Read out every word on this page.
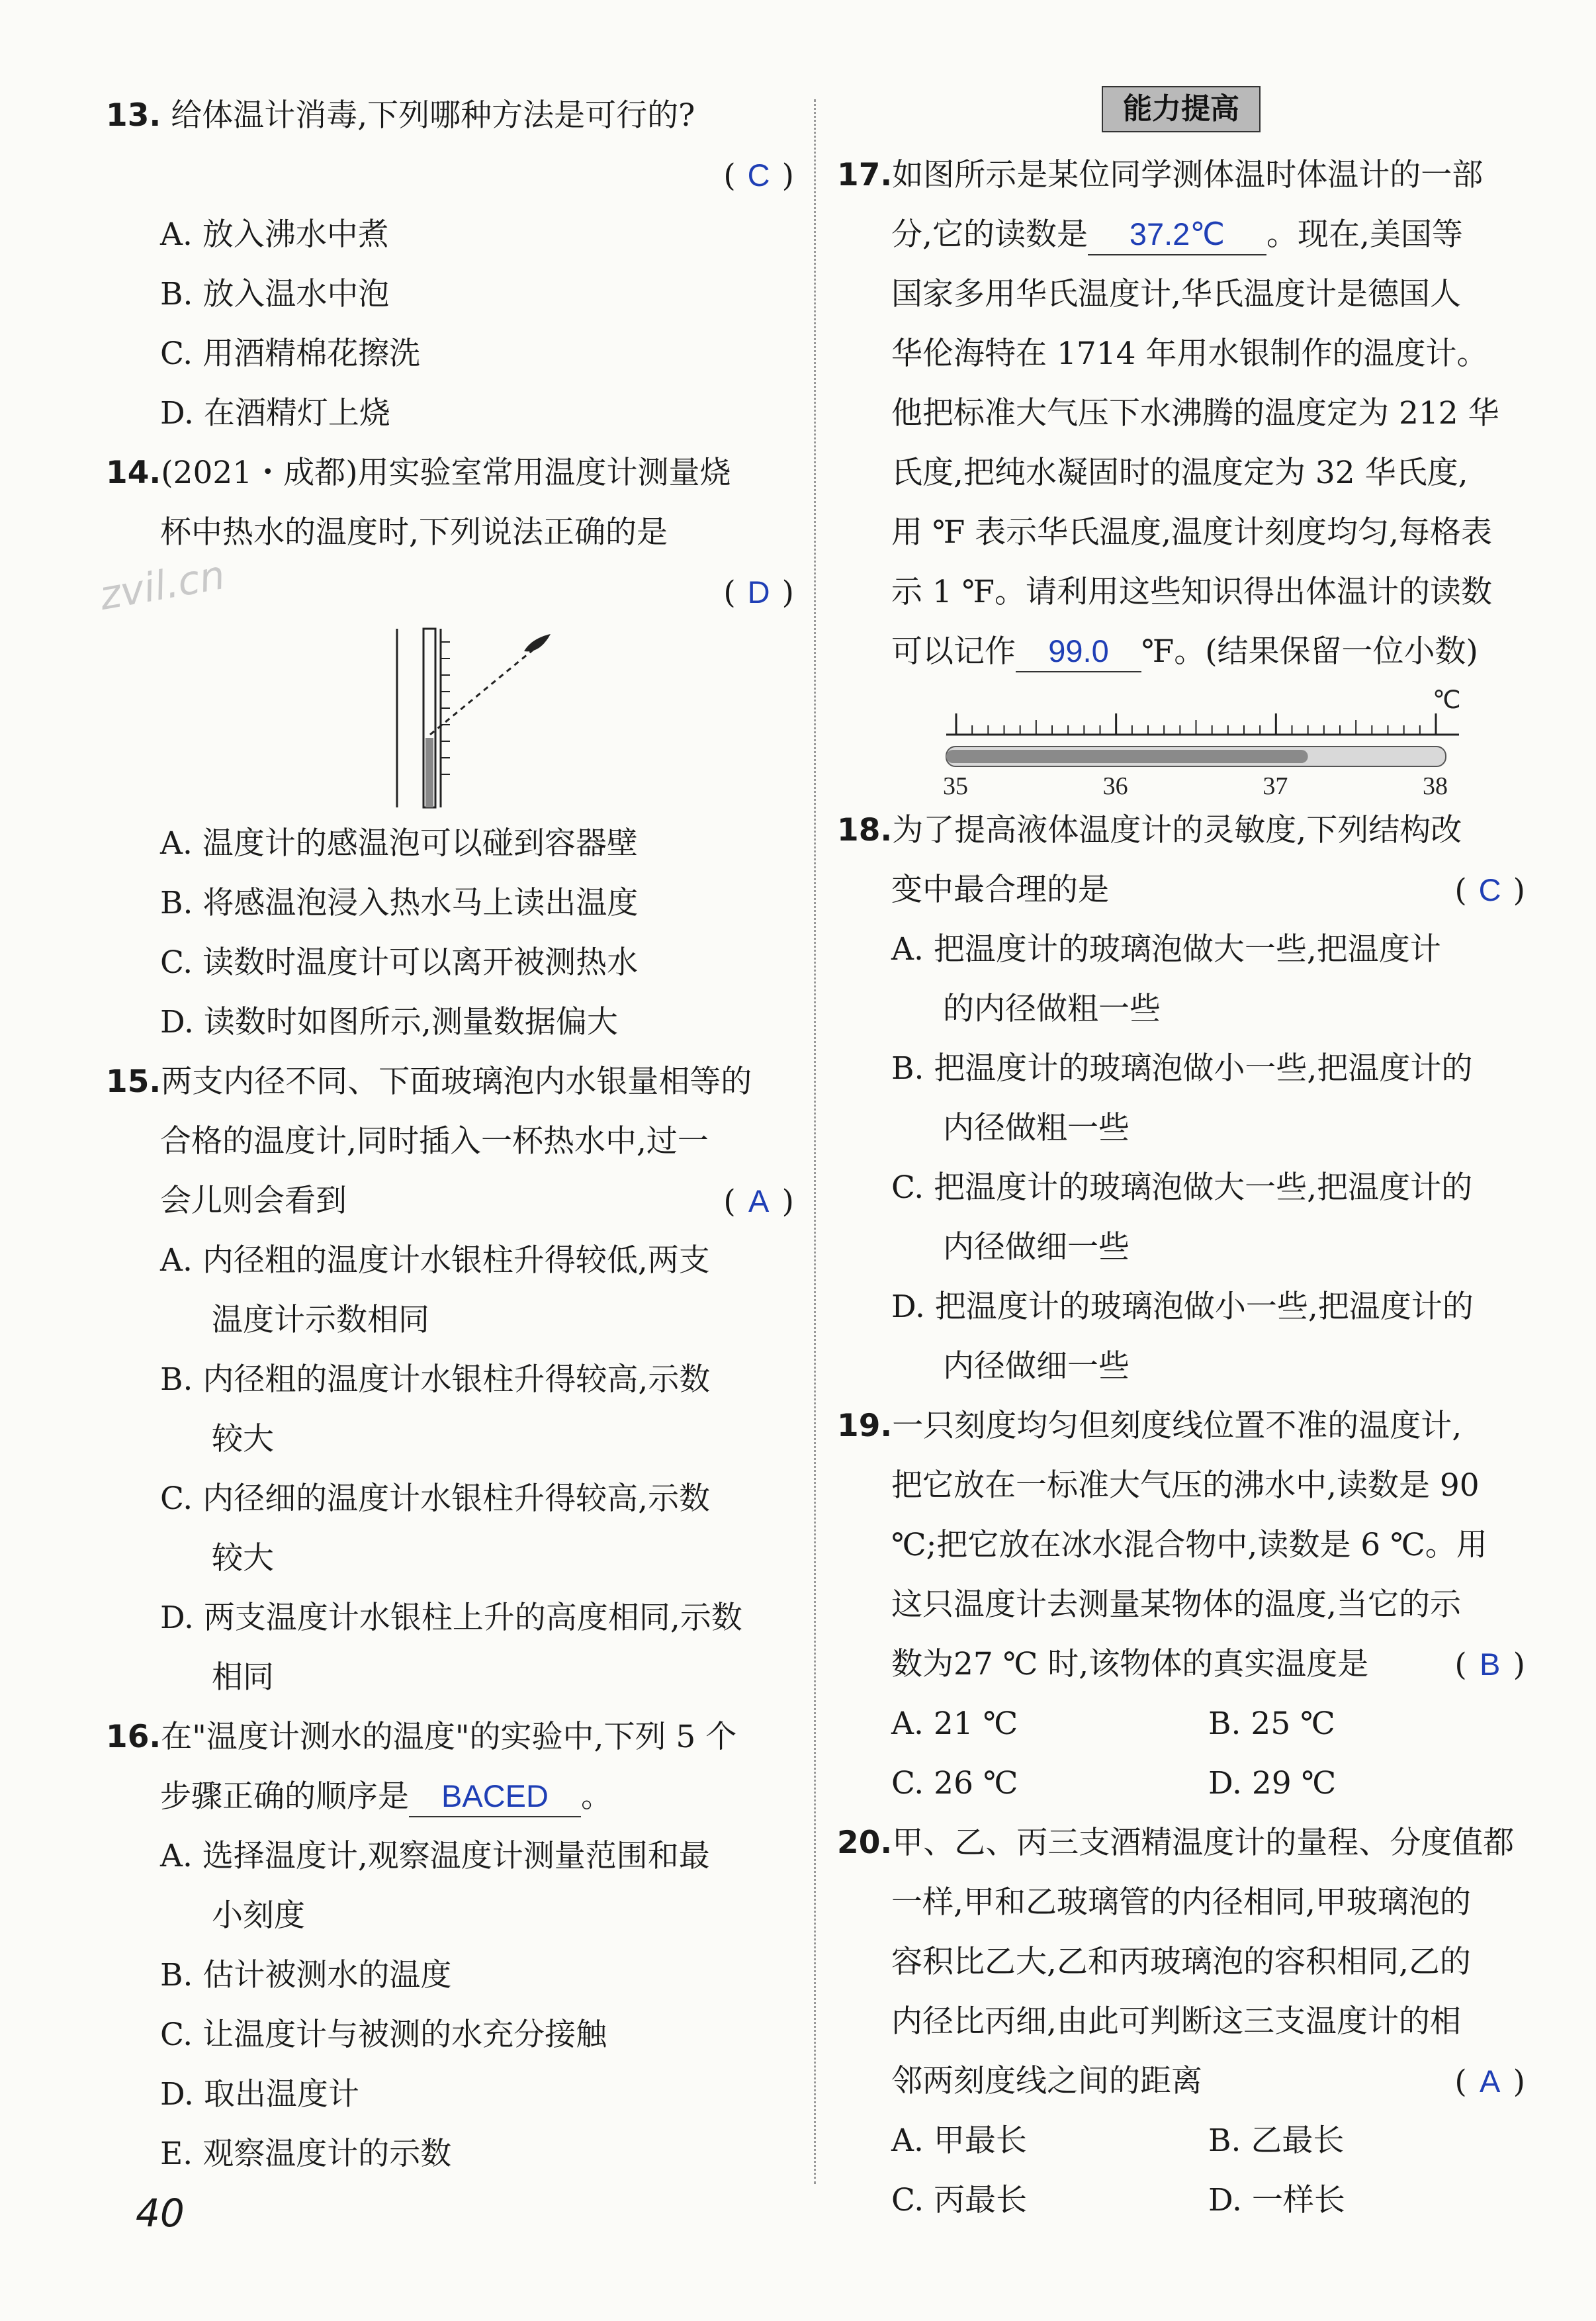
zvil.cn
13. 给体温计消毒,下列哪种方法是可行的?
( C )
A. 放入沸水中煮
B. 放入温水中泡
C. 用酒精棉花擦洗
D. 在酒精灯上烧
14.(2021・成都)用实验室常用温度计测量烧
杯中热水的温度时,下列说法正确的是
( D )
A. 温度计的感温泡可以碰到容器壁
B. 将感温泡浸入热水马上读出温度
C. 读数时温度计可以离开被测热水
D. 读数时如图所示,测量数据偏大
15.两支内径不同、下面玻璃泡内水银量相等的
合格的温度计,同时插入一杯热水中,过一
会儿则会看到	( A )
A. 内径粗的温度计水银柱升得较低,两支
温度计示数相同
B. 内径粗的温度计水银柱升得较高,示数
较大
C. 内径细的温度计水银柱升得较高,示数
较大
D. 两支温度计水银柱上升的高度相同,示数
相同
16.在"温度计测水的温度"的实验中,下列 5 个
步骤正确的顺序是 BACED 。
A. 选择温度计,观察温度计测量范围和最
小刻度
B. 估计被测水的温度
C. 让温度计与被测的水充分接触
D. 取出温度计
E. 观察温度计的示数
能力提高
17.如图所示是某位同学测体温时体温计的一部
分,它的读数是 37.2℃ 。现在,美国等
国家多用华氏温度计,华氏温度计是德国人
华伦海特在 1714 年用水银制作的温度计。
他把标准大气压下水沸腾的温度定为 212 华
氏度,把纯水凝固时的温度定为 32 华氏度,
用 ℉ 表示华氏温度,温度计刻度均匀,每格表
示 1 ℉。请利用这些知识得出体温计的读数
可以记作 99.0 ℉。(结果保留一位小数)
℃
35	36	37	38
18.为了提高液体温度计的灵敏度,下列结构改
变中最合理的是	( C )
A. 把温度计的玻璃泡做大一些,把温度计
的内径做粗一些
B. 把温度计的玻璃泡做小一些,把温度计的
内径做粗一些
C. 把温度计的玻璃泡做大一些,把温度计的
内径做细一些
D. 把温度计的玻璃泡做小一些,把温度计的
内径做细一些
19.一只刻度均匀但刻度线位置不准的温度计,
把它放在一标准大气压的沸水中,读数是 90
℃;把它放在冰水混合物中,读数是 6 ℃。用
这只温度计去测量某物体的温度,当它的示
数为27 ℃ 时,该物体的真实温度是	( B )
A. 21 ℃	B. 25 ℃
C. 26 ℃	D. 29 ℃
20.甲、乙、丙三支酒精温度计的量程、分度值都
一样,甲和乙玻璃管的内径相同,甲玻璃泡的
容积比乙大,乙和丙玻璃泡的容积相同,乙的
内径比丙细,由此可判断这三支温度计的相
邻两刻度线之间的距离	( A )
A. 甲最长	B. 乙最长
C. 丙最长	D. 一样长
40
